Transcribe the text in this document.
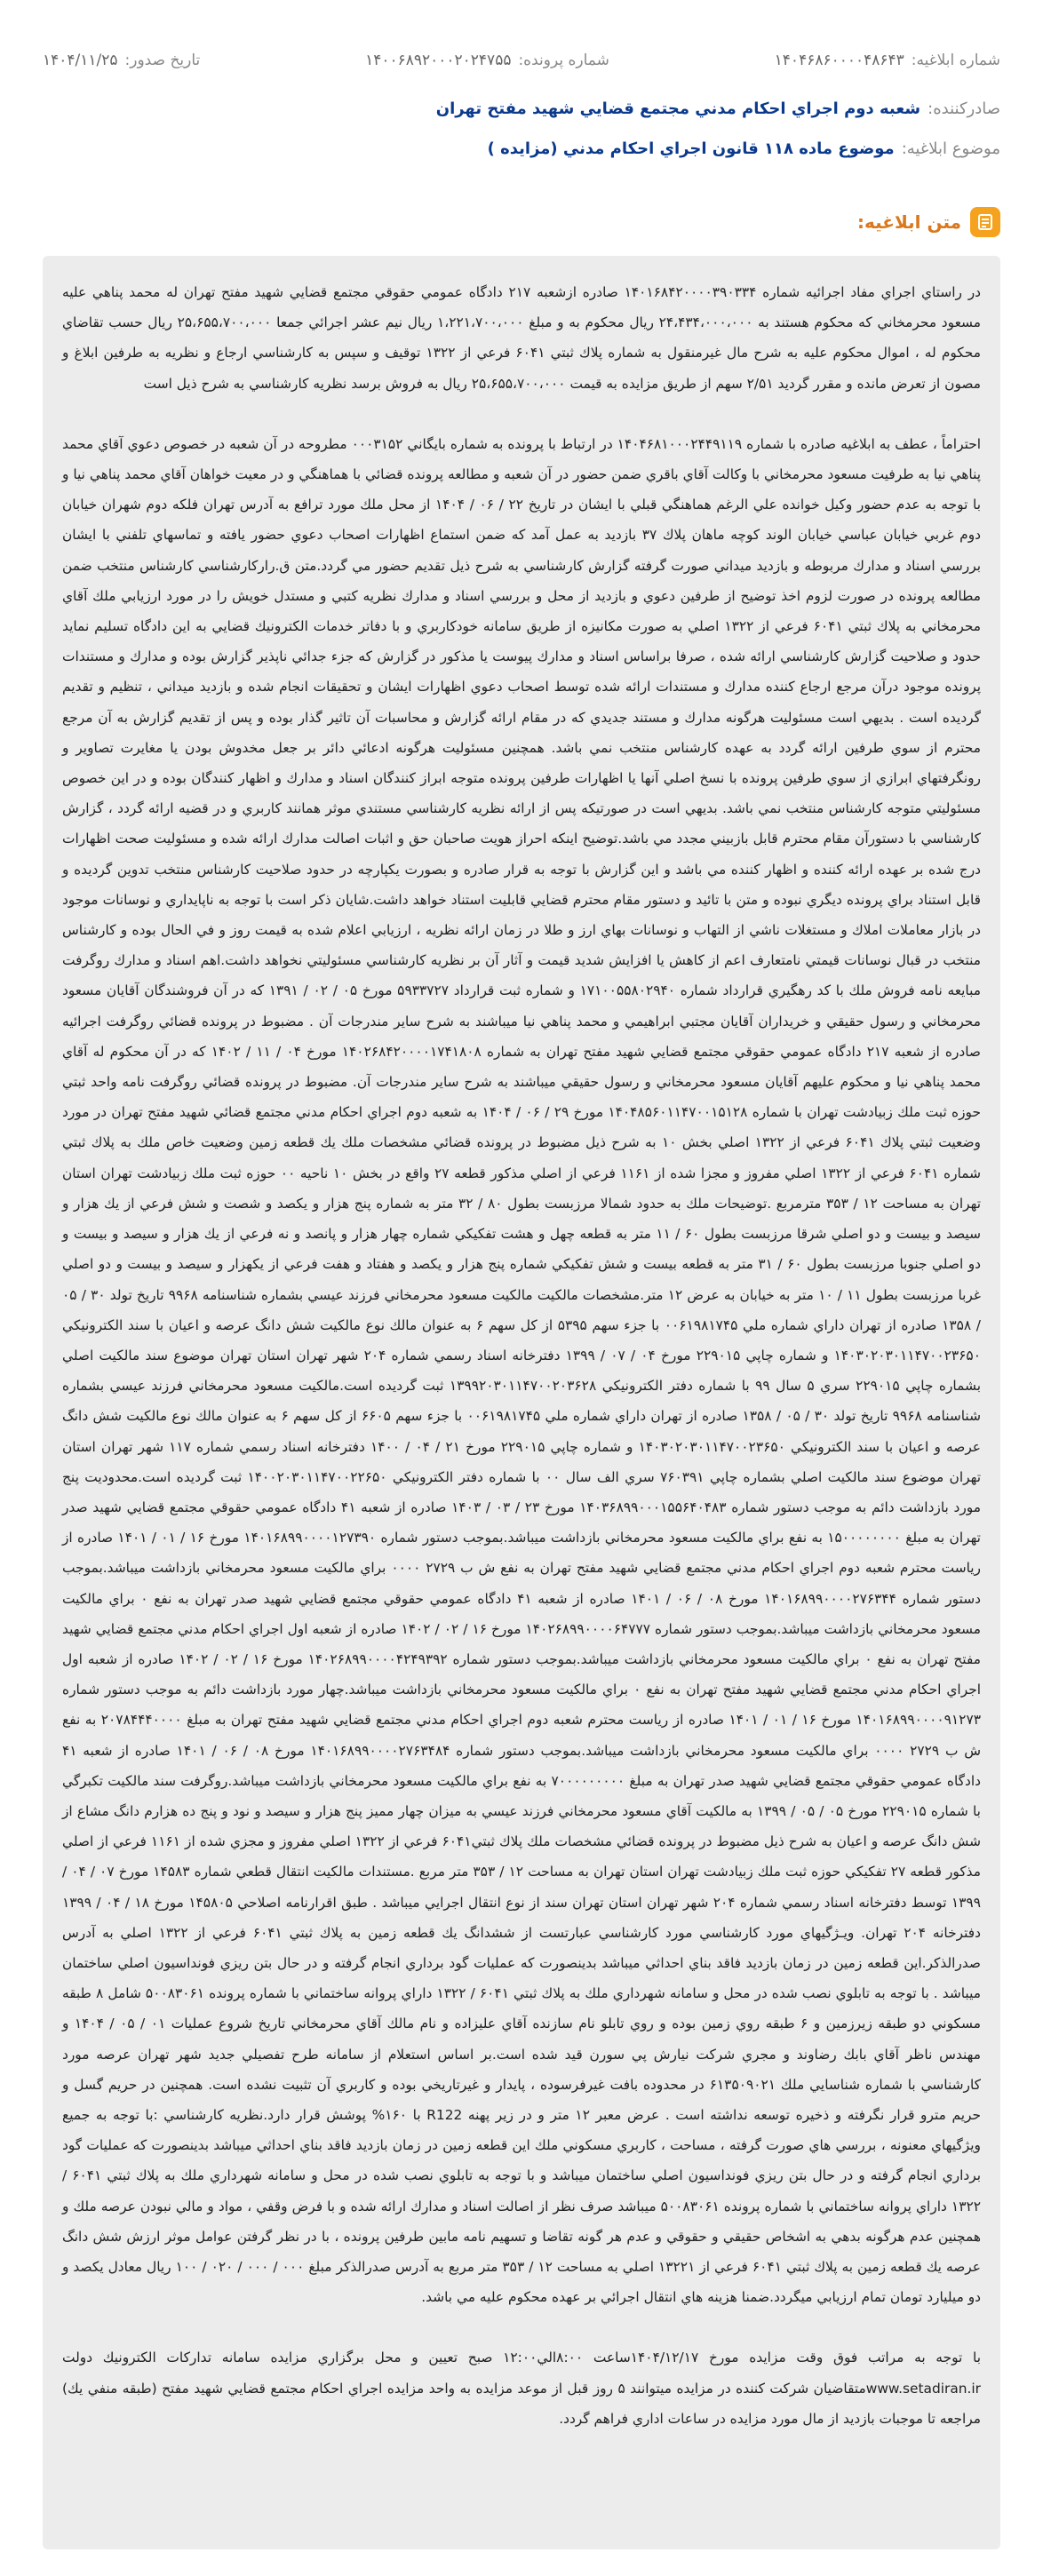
شماره ابلاغیه:
۱۴۰۴۶۸۶۰۰۰۰۴۸۶۴۳
شماره پرونده:
۱۴۰۰۶۸۹۲۰۰۰۲۰۲۴۷۵۵
تاریخ صدور:
۱۴۰۴/۱۱/۲۵
صادرکننده:
شعبه دوم اجراي احكام مدني مجتمع قضايي شهيد مفتح تهران
موضوع ابلاغیه:
موضوع ماده ۱۱۸ قانون اجراي احكام مدني (مزايده )
متن ابلاغیه:

در راستاي اجراي مفاد اجرائيه شماره ۱۴۰۱۶۸۴۲۰۰۰۰۳۹۰۳۳۴ صادره ازشعبه ۲۱۷ دادگاه عمومي حقوقي مجتمع قضايي شهيد مفتح تهران له محمد پناهي عليه مسعود محرمخاني كه محكوم هستند به ۲۴،۴۳۴،۰۰۰،۰۰۰ ريال محكوم به و مبلغ ۱،۲۲۱،۷۰۰،۰۰۰ ريال نيم عشر اجرائي جمعا ۲۵،۶۵۵،۷۰۰،۰۰۰ ريال حسب تقاضاي محكوم له ، اموال محكوم عليه به شرح مال غيرمنقول به شماره پلاك ثبتي ۶۰۴۱ فرعي از ۱۳۲۲ توقيف و سپس به كارشناسي ارجاع و نظريه به طرفين ابلاغ و مصون از تعرض مانده و مقرر گرديد ۲/۵۱ سهم از طريق مزايده به قيمت ۲۵،۶۵۵،۷۰۰،۰۰۰ ريال به فروش برسد نظريه كارشناسي به شرح ذيل است

احتراماً ، عطف به ابلاغيه صادره با شماره ۱۴۰۴۶۸۱۰۰۰۲۴۴۹۱۱۹ در ارتباط با پرونده به شماره بايگاني ۰۰۰۳۱۵۲ مطروحه در آن شعبه در خصوص دعوي آقاي محمد پناهي نيا به طرفيت مسعود محرمخاني با وكالت آقاي باقري ضمن حضور در آن شعبه و مطالعه پرونده قضائي با هماهنگي و در معيت خواهان آقاي محمد پناهي نيا و با توجه به عدم حضور وكيل خوانده علي الرغم هماهنگي قبلي با ايشان در تاريخ ۲۲ / ۰۶ / ۱۴۰۴ از محل ملك مورد ترافع به آدرس تهران فلكه دوم شهران خيابان دوم غربي خيابان عباسي خيابان الوند كوچه ماهان پلاك ۳۷ بازديد به عمل آمد كه ضمن استماع اظهارات اصحاب دعوي حضور يافته و تماسهاي تلفني با ايشان بررسي اسناد و مدارك مربوطه و بازديد ميداني صورت گرفته گزارش كارشناسي به شرح ذيل تقديم حضور مي گردد.متن ق.راركارشناسي كارشناس منتخب ضمن مطالعه پرونده در صورت لزوم اخذ توضيح از طرفين دعوي و بازديد از محل و بررسي اسناد و مدارك نظريه كتبي و مستدل خويش را در مورد ارزيابي ملك آقاي محرمخاني به پلاك ثبتي ۶۰۴۱ فرعي از ۱۳۲۲ اصلي به صورت مكانيزه از طريق سامانه خودكاربري و با دفاتر خدمات الكترونيك قضايي به اين دادگاه تسليم نمايد حدود و صلاحيت گزارش كارشناسي ارائه شده ، صرفا براساس اسناد و مدارك پيوست يا مذكور در گزارش كه جزء جدائي ناپذير گزارش بوده و مدارك و مستندات پرونده موجود درآن مرجع ارجاع كننده مدارك و مستندات ارائه شده توسط اصحاب دعوي اظهارات ايشان و تحقيقات انجام شده و بازديد ميداني ، تنظيم و تقديم گرديده است . بديهي است مسئوليت هرگونه مدارك و مستند جديدي كه در مقام ارائه گزارش و محاسبات آن تاثير گذار بوده و پس از تقديم گزارش به آن مرجع محترم از سوي طرفين ارائه گردد به عهده كارشناس منتخب نمي باشد. همچنين مسئوليت هرگونه ادعائي دائر بر جعل مخدوش بودن يا مغايرت تصاوير و رونگرفتهاي ابرازي از سوي طرفين پرونده با نسخ اصلي آنها يا اظهارات طرفين پرونده متوجه ابراز كنندگان اسناد و مدارك و اظهار كنندگان بوده و در اين خصوص مسئوليتي متوجه كارشناس منتخب نمي باشد. بديهي است در صورتيكه پس از ارائه نظريه كارشناسي مستندي موثر همانند كاربري و در قضيه ارائه گردد ، گزارش كارشناسي با دستورآن مقام محترم قابل بازبيني مجدد مي باشد.توضيح اينكه احراز هويت صاحبان حق و اثبات اصالت مدارك ارائه شده و مسئوليت صحت اظهارات درج شده بر عهده ارائه كننده و اظهار كننده مي باشد و اين گزارش با توجه به قرار صادره و بصورت يكپارچه در حدود صلاحيت كارشناس منتخب تدوين گرديده و قابل استناد براي پرونده ديگري نبوده و متن با تائيد و دستور مقام محترم قضايي قابليت استناد خواهد داشت.شايان ذكر است با توجه به ناپايداري و نوسانات موجود در بازار معاملات املاك و مستغلات ناشي از التهاب و نوسانات بهاي ارز و طلا در زمان ارائه نظريه ، ارزيابي اعلام شده به قيمت روز و في الحال بوده و كارشناس منتخب در قبال نوسانات قيمتي نامتعارف اعم از كاهش يا افزايش شديد قيمت و آثار آن بر نظريه كارشناسي مسئوليتي نخواهد داشت.اهم اسناد و مدارك روگرفت مبايعه نامه فروش ملك با كد رهگيري قرارداد شماره ۱۷۱۰۰۵۵۸۰۲۹۴۰ و شماره ثبت قرارداد ۵۹۳۳۷۲۷ مورخ ۰۵ / ۰۲ / ۱۳۹۱ كه در آن فروشندگان آقايان مسعود محرمخاني و رسول حقيقي و خريداران آقايان مجتبي ابراهيمي و محمد پناهي نيا ميباشند به شرح ساير مندرجات آن . مضبوط در پرونده قضائي روگرفت اجرائيه صادره از شعبه ۲۱۷ دادگاه عمومي حقوقي مجتمع قضايي شهيد مفتح تهران به شماره ۱۴۰۲۶۸۴۲۰۰۰۰۱۷۴۱۸۰۸ مورخ ۰۴ / ۱۱ / ۱۴۰۲ كه در آن محكوم له آقاي محمد پناهي نيا و محكوم عليهم آقايان مسعود محرمخاني و رسول حقيقي ميباشند به شرح ساير مندرجات آن. مضبوط در پرونده قضائي روگرفت نامه واحد ثبتي حوزه ثبت ملك زبيادشت تهران با شماره ۱۴۰۴۸۵۶۰۱۱۴۷۰۰۱۵۱۲۸ مورخ ۲۹ / ۰۶ / ۱۴۰۴ به شعبه دوم اجراي احكام مدني مجتمع قضائي شهيد مفتح تهران در مورد وضعيت ثبتي پلاك ۶۰۴۱ فرعي از ۱۳۲۲ اصلي بخش ۱۰ به شرح ذيل مضبوط در پرونده قضائي مشخصات ملك يك قطعه زمين وضعيت خاص ملك به پلاك ثبتي شماره ۶۰۴۱ فرعي از ۱۳۲۲ اصلي مفروز و مجزا شده از ۱۱۶۱ فرعي از اصلي مذكور قطعه ۲۷ واقع در بخش ۱۰ ناحيه ۰۰ حوزه ثبت ملك زبيادشت تهران استان تهران به مساحت ۱۲ / ۳۵۳ مترمربع .توضيحات ملك به حدود شمالا مرزبست بطول ۸۰ / ۳۲ متر به شماره پنج هزار و يكصد و شصت و شش فرعي از يك هزار و سيصد و بيست و دو اصلي شرقا مرزبست بطول ۶۰ / ۱۱ متر به قطعه چهل و هشت تفكيكي شماره چهار هزار و پانصد و نه فرعي از يك هزار و سيصد و بيست و دو اصلي جنوبا مرزبست بطول ۶۰ / ۳۱ متر به قطعه بيست و شش تفكيكي شماره پنج هزار و يكصد و هفتاد و هفت فرعي از يكهزار و سيصد و بيست و دو اصلي غربا مرزبست بطول ۱۱ / ۱۰ متر به خيابان به عرض ۱۲ متر.مشخصات مالكيت مالكيت مسعود محرمخاني فرزند عيسي بشماره شناسنامه ۹۹۶۸ تاريخ تولد ۳۰ / ۰۵ / ۱۳۵۸ صادره از تهران داراي شماره ملي ۰۰۶۱۹۸۱۷۴۵ با جزء سهم ۵۳۹۵ از كل سهم ۶ به عنوان مالك نوع مالكيت شش دانگ عرصه و اعيان با سند الكترونيكي ۱۴۰۳۰۲۰۳۰۱۱۴۷۰۰۲۳۶۵۰ و شماره چاپي ۲۲۹۰۱۵ مورخ ۰۴ / ۰۷ / ۱۳۹۹ دفترخانه اسناد رسمي شماره ۲۰۴ شهر تهران استان تهران موضوع سند مالكيت اصلي بشماره چاپي ۲۲۹۰۱۵ سري ۵ سال ۹۹ با شماره دفتر الكترونيكي ۱۳۹۹۲۰۳۰۱۱۴۷۰۰۲۰۳۶۲۸ ثبت گرديده است.مالكيت مسعود محرمخاني فرزند عيسي بشماره شناسنامه ۹۹۶۸ تاريخ تولد ۳۰ / ۰۵ / ۱۳۵۸ صادره از تهران داراي شماره ملي ۰۰۶۱۹۸۱۷۴۵ با جزء سهم ۶۶۰۵ از كل سهم ۶ به عنوان مالك نوع مالكيت شش دانگ عرصه و اعيان با سند الكترونيكي ۱۴۰۳۰۲۰۳۰۱۱۴۷۰۰۲۳۶۵۰ و شماره چاپي ۲۲۹۰۱۵ مورخ ۲۱ / ۰۴ / ۱۴۰۰ دفترخانه اسناد رسمي شماره ۱۱۷ شهر تهران استان تهران موضوع سند مالكيت اصلي بشماره چاپي ۷۶۰۳۹۱ سري الف سال ۰۰ با شماره دفتر الكترونيكي ۱۴۰۰۲۰۳۰۱۱۴۷۰۰۲۲۶۵۰ ثبت گرديده است.محدوديت پنج مورد بازداشت دائم به موجب دستور شماره ۱۴۰۳۶۸۹۹۰۰۰۱۵۵۶۴۰۴۸۳ مورخ ۲۳ / ۰۳ / ۱۴۰۳ صادره از شعبه ۴۱ دادگاه عمومي حقوقي مجتمع قضايي شهيد صدر تهران به مبلغ ۱۵۰۰۰۰۰۰۰۰ به نفع براي مالكيت مسعود محرمخاني بازداشت ميباشد.بموجب دستور شماره ۱۴۰۱۶۸۹۹۰۰۰۰۱۲۷۳۹۰ مورخ ۱۶ / ۰۱ / ۱۴۰۱ صادره از رياست محترم شعبه دوم اجراي احكام مدني مجتمع قضايي شهيد مفتح تهران به نفع ش ب ۲۷۲۹ ۰۰۰۰ براي مالكيت مسعود محرمخاني بازداشت ميباشد.بموجب دستور شماره ۱۴۰۱۶۸۹۹۰۰۰۰۲۷۶۳۴۴ مورخ ۰۸ / ۰۶ / ۱۴۰۱ صادره از شعبه ۴۱ دادگاه عمومي حقوقي مجتمع قضايي شهيد صدر تهران به نفع ۰ براي مالكيت مسعود محرمخاني بازداشت ميباشد.بموجب دستور شماره ۱۴۰۲۶۸۹۹۰۰۰۰۶۴۷۷۷ مورخ ۱۶ / ۰۲ / ۱۴۰۲ صادره از شعبه اول اجراي احكام مدني مجتمع قضايي شهيد مفتح تهران به نفع ۰ براي مالكيت مسعود محرمخاني بازداشت ميباشد.بموجب دستور شماره ۱۴۰۲۶۸۹۹۰۰۰۰۴۲۴۹۳۹۲ مورخ ۱۶ / ۰۲ / ۱۴۰۲ صادره از شعبه اول اجراي احكام مدني مجتمع قضايي شهيد مفتح تهران به نفع ۰ براي مالكيت مسعود محرمخاني بازداشت ميباشد.چهار مورد بازداشت دائم به موجب دستور شماره ۱۴۰۱۶۸۹۹۰۰۰۰۹۱۲۷۳ مورخ ۱۶ / ۰۱ / ۱۴۰۱ صادره از رياست محترم شعبه دوم اجراي احكام مدني مجتمع قضايي شهيد مفتح تهران به مبلغ ۲۰۷۸۴۴۴۰۰۰۰ به نفع ش ب ۲۷۲۹ ۰۰۰۰ براي مالكيت مسعود محرمخاني بازداشت ميباشد.بموجب دستور شماره ۱۴۰۱۶۸۹۹۰۰۰۰۲۷۶۳۴۸۴ مورخ ۰۸ / ۰۶ / ۱۴۰۱ صادره از شعبه ۴۱ دادگاه عمومي حقوقي مجتمع قضايي شهيد صدر تهران به مبلغ ۷۰۰۰۰۰۰۰۰۰ به نفع براي مالكيت مسعود محرمخاني بازداشت ميباشد.روگرفت سند مالكيت تكبرگي با شماره ۲۲۹۰۱۵ مورخ ۰۵ / ۰۵ / ۱۳۹۹ به مالكيت آقاي مسعود محرمخاني فرزند عيسي به ميزان چهار مميز پنج هزار و سيصد و نود و پنج ده هزارم دانگ مشاع از شش دانگ عرصه و اعيان به شرح ذيل مضبوط در پرونده قضائي مشخصات ملك پلاك ثبتي۶۰۴۱ فرعي از ۱۳۲۲ اصلي مفروز و مجزي شده از ۱۱۶۱ فرعي از اصلي مذكور قطعه ۲۷ تفكيكي حوزه ثبت ملك زبيادشت تهران استان تهران به مساحت ۱۲ / ۳۵۳ متر مربع .مستندات مالكيت انتقال قطعي شماره ۱۴۵۸۳ مورخ ۰۷ / ۰۴ / ۱۳۹۹ توسط دفترخانه اسناد رسمي شماره ۲۰۴ شهر تهران استان تهران سند از نوع انتقال اجرايي ميباشد . طبق اقرارنامه اصلاحي ۱۴۵۸۰۵ مورخ ۱۸ / ۰۴ / ۱۳۹۹ دفترخانه ۲۰۴ تهران. ويـژگيهاي مورد كارشناسي مورد كارشناسي عبارتست از ششدانگ يك قطعه زمين به پلاك ثبتي ۶۰۴۱ فرعي از ۱۳۲۲ اصلي به آدرس صدرالذكر.اين قطعه زمين در زمان بازديد فاقد بناي احداثي ميباشد بدينصورت كه عمليات گود برداري انجام گرفته و در حال بتن ريزي فونداسيون اصلي ساختمان ميباشد . با توجه به تابلوي نصب شده در محل و سامانه شهرداري ملك به پلاك ثبتي ۶۰۴۱ / ۱۳۲۲ داراي پروانه ساختماني با شماره پرونده ۵۰۰۸۳۰۶۱ شامل ۸ طبقه مسكوني دو طبقه زيرزمين و ۶ طبقه روي زمين بوده و روي تابلو نام سازنده آقاي علیزاده و نام مالك آقاي محرمخاني تاريخ شروع عمليات ۰۱ / ۰۵ / ۱۴۰۴ و مهندس ناظر آقاي بابك رضاوند و مجري شركت نيارش پي سورن قيد شده است.بر اساس استعلام از سامانه طرح تفصيلي جديد شهر تهران عرصه مورد كارشناسي با شماره شناسايي ملك ۶۱۳۵۰۹۰۲۱ در محدوده بافت غيرفرسوده ، پايدار و غيرتاريخي بوده و كاربري آن تثبيت نشده است. همچنين در حريم گسل و حريم مترو قرار نگرفته و ذخيره توسعه نداشته است . عرض معبر ۱۲ متر و در زير پهنه R122 با ۱۶۰% پوشش قرار دارد.نظريه كارشناسي :با توجه به جميع ويژگيهاي معنونه ، بررسي هاي صورت گرفته ، مساحت ، كاربري مسكوني ملك اين قطعه زمين در زمان بازديد فاقد بناي احداثي ميباشد بدينصورت كه عمليات گود برداري انجام گرفته و در حال بتن ريزي فونداسيون اصلي ساختمان ميباشد و با توجه به تابلوي نصب شده در محل و سامانه شهرداري ملك به پلاك ثبتي ۶۰۴۱ / ۱۳۲۲ داراي پروانه ساختماني با شماره پرونده ۵۰۰۸۳۰۶۱ ميباشد صرف نظر از اصالت اسناد و مدارك ارائه شده و با فرض وقفي ، مواد و مالي نبودن عرصه ملك و همچنين عدم هرگونه بدهي به اشخاص حقيقي و حقوقي و عدم هر گونه تقاضا و تسهيم نامه مابين طرفين پرونده ، با در نظر گرفتن عوامل موثر ارزش شش دانگ عرصه يك قطعه زمين به پلاك ثبتي ۶۰۴۱ فرعي از ۱۳۲۲۱ اصلي به مساحت ۱۲ / ۳۵۳ متر مربع به آدرس صدرالذكر مبلغ ۰۰۰ / ۰۰۰ / ۰۲۰ / ۱۰۰ ريال معادل يكصد و دو ميليارد تومان تمام ارزيابي ميگردد.ضمنا هزينه هاي انتقال اجرائي بر عهده محكوم عليه مي باشد.

با توجه به مراتب فوق وقت مزايده مورخ ۱۴۰۴/۱۲/۱۷ساعت ۸:۰۰الي۱۲:۰۰ صبح تعيين و محل برگزاري مزايده سامانه تداركات الكترونيك دولت www.setadiran.irمتقاضيان شركت كننده در مزايده ميتوانند ۵ روز قبل از موعد مزايده به واحد مزايده اجراي احكام مجتمع قضايي شهيد مفتح (طبقه منفي يك) مراجعه تا موجبات بازديد از مال مورد مزايده در ساعات اداري فراهم گردد.
